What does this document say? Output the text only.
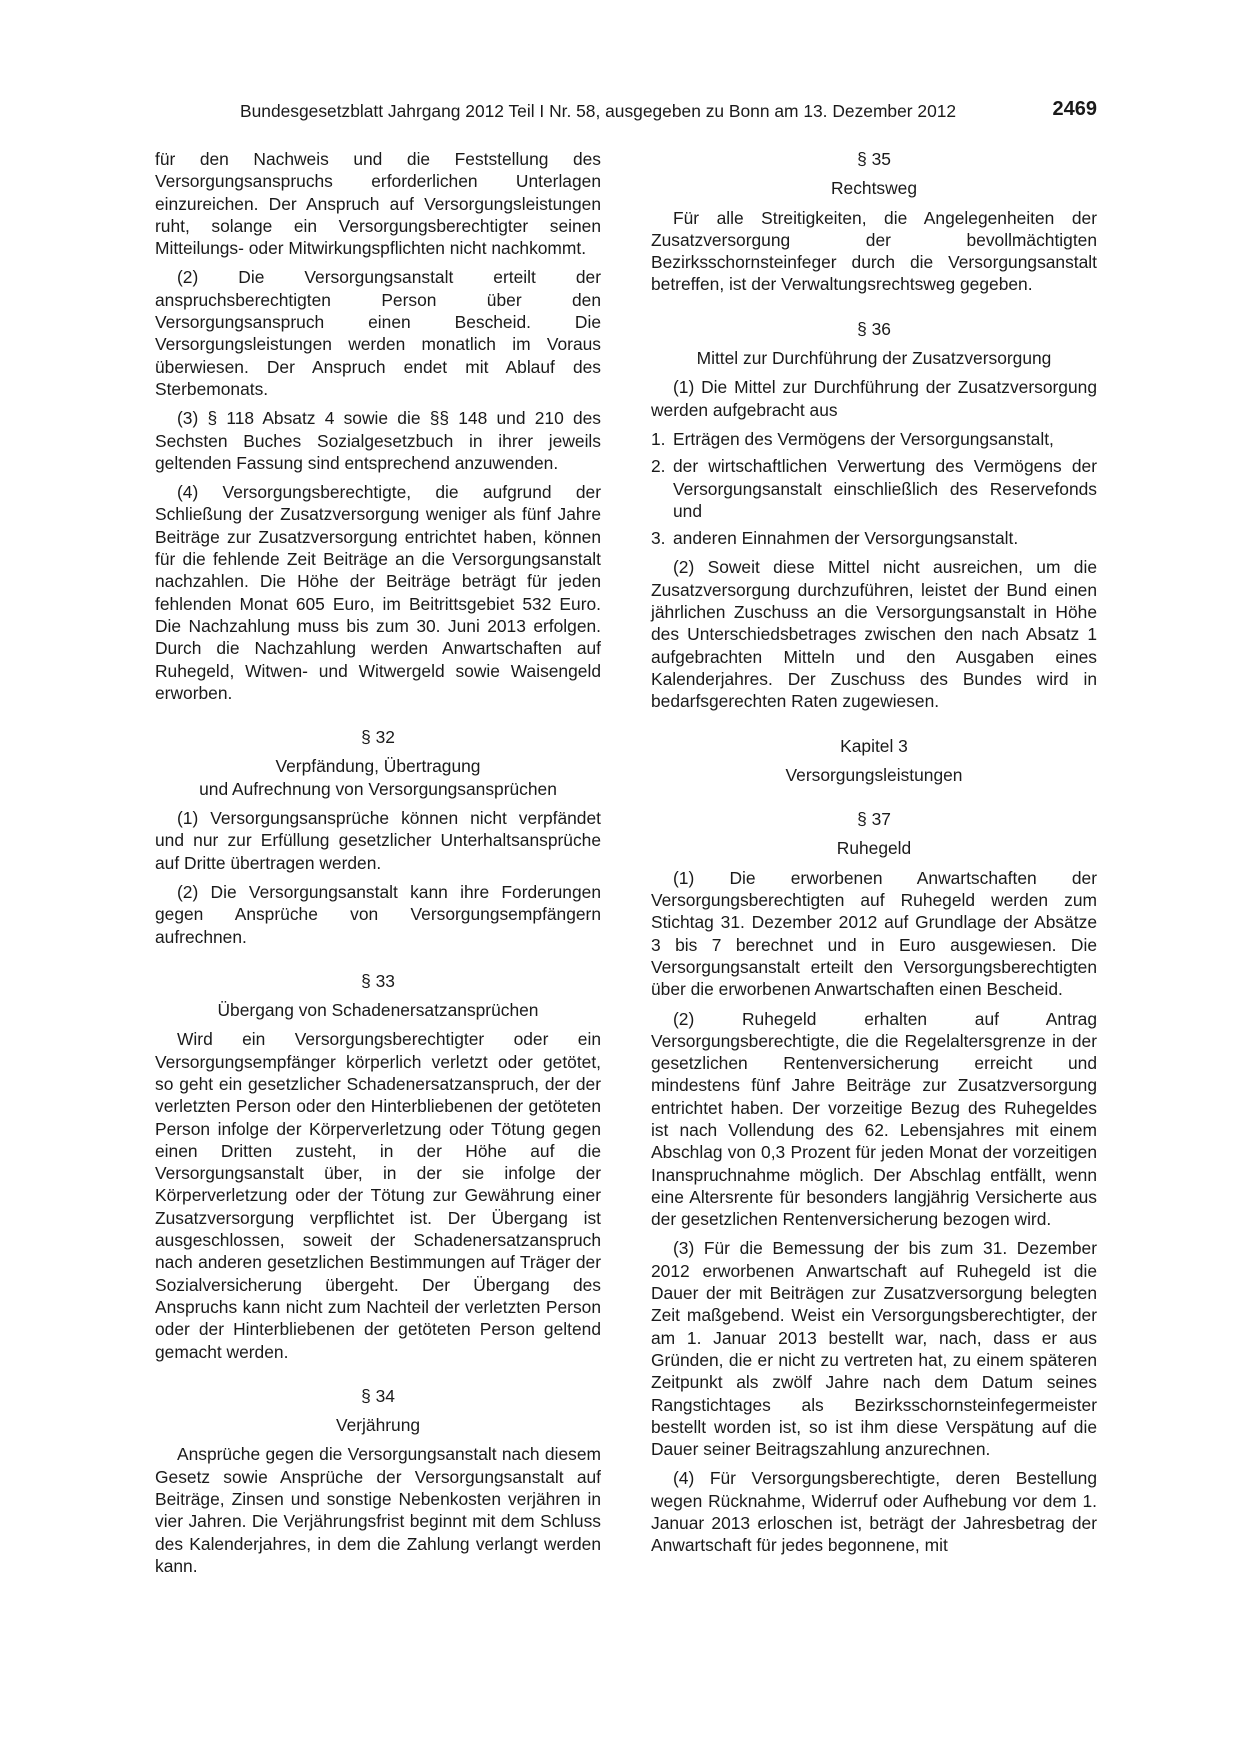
Bundesgesetzblatt Jahrgang 2012 Teil I Nr. 58, ausgegeben zu Bonn am 13. Dezember 2012	2469

für den Nachweis und die Feststellung des Versorgungsanspruchs erforderlichen Unterlagen einzureichen. Der Anspruch auf Versorgungsleistungen ruht, solange ein Versorgungsberechtigter seinen Mitteilungs- oder Mitwirkungspflichten nicht nachkommt.

(2) Die Versorgungsanstalt erteilt der anspruchsberechtigten Person über den Versorgungsanspruch einen Bescheid. Die Versorgungsleistungen werden monatlich im Voraus überwiesen. Der Anspruch endet mit Ablauf des Sterbemonats.

(3) § 118 Absatz 4 sowie die §§ 148 und 210 des Sechsten Buches Sozialgesetzbuch in ihrer jeweils geltenden Fassung sind entsprechend anzuwenden.

(4) Versorgungsberechtigte, die aufgrund der Schließung der Zusatzversorgung weniger als fünf Jahre Beiträge zur Zusatzversorgung entrichtet haben, können für die fehlende Zeit Beiträge an die Versorgungsanstalt nachzahlen. Die Höhe der Beiträge beträgt für jeden fehlenden Monat 605 Euro, im Beitrittsgebiet 532 Euro. Die Nachzahlung muss bis zum 30. Juni 2013 erfolgen. Durch die Nachzahlung werden Anwartschaften auf Ruhegeld, Witwen- und Witwergeld sowie Waisengeld erworben.

§ 32
Verpfändung, Übertragung
und Aufrechnung von Versorgungsansprüchen

(1) Versorgungsansprüche können nicht verpfändet und nur zur Erfüllung gesetzlicher Unterhaltsansprüche auf Dritte übertragen werden.

(2) Die Versorgungsanstalt kann ihre Forderungen gegen Ansprüche von Versorgungsempfängern aufrechnen.

§ 33
Übergang von Schadenersatzansprüchen

Wird ein Versorgungsberechtigter oder ein Versorgungsempfänger körperlich verletzt oder getötet, so geht ein gesetzlicher Schadenersatzanspruch, der der verletzten Person oder den Hinterbliebenen der getöteten Person infolge der Körperverletzung oder Tötung gegen einen Dritten zusteht, in der Höhe auf die Versorgungsanstalt über, in der sie infolge der Körperverletzung oder der Tötung zur Gewährung einer Zusatzversorgung verpflichtet ist. Der Übergang ist ausgeschlossen, soweit der Schadenersatzanspruch nach anderen gesetzlichen Bestimmungen auf Träger der Sozialversicherung übergeht. Der Übergang des Anspruchs kann nicht zum Nachteil der verletzten Person oder der Hinterbliebenen der getöteten Person geltend gemacht werden.

§ 34
Verjährung

Ansprüche gegen die Versorgungsanstalt nach diesem Gesetz sowie Ansprüche der Versorgungsanstalt auf Beiträge, Zinsen und sonstige Nebenkosten verjähren in vier Jahren. Die Verjährungsfrist beginnt mit dem Schluss des Kalenderjahres, in dem die Zahlung verlangt werden kann.

§ 35
Rechtsweg

Für alle Streitigkeiten, die Angelegenheiten der Zusatzversorgung der bevollmächtigten Bezirksschornsteinfeger durch die Versorgungsanstalt betreffen, ist der Verwaltungsrechtsweg gegeben.

§ 36
Mittel zur Durchführung der Zusatzversorgung

(1) Die Mittel zur Durchführung der Zusatzversorgung werden aufgebracht aus

1. Erträgen des Vermögens der Versorgungsanstalt,
2. der wirtschaftlichen Verwertung des Vermögens der Versorgungsanstalt einschließlich des Reservefonds und
3. anderen Einnahmen der Versorgungsanstalt.

(2) Soweit diese Mittel nicht ausreichen, um die Zusatzversorgung durchzuführen, leistet der Bund einen jährlichen Zuschuss an die Versorgungsanstalt in Höhe des Unterschiedsbetrages zwischen den nach Absatz 1 aufgebrachten Mitteln und den Ausgaben eines Kalenderjahres. Der Zuschuss des Bundes wird in bedarfsgerechten Raten zugewiesen.

Kapitel 3
Versorgungsleistungen
§ 37
Ruhegeld

(1) Die erworbenen Anwartschaften der Versorgungsberechtigten auf Ruhegeld werden zum Stichtag 31. Dezember 2012 auf Grundlage der Absätze 3 bis 7 berechnet und in Euro ausgewiesen. Die Versorgungsanstalt erteilt den Versorgungsberechtigten über die erworbenen Anwartschaften einen Bescheid.

(2) Ruhegeld erhalten auf Antrag Versorgungsberechtigte, die die Regelaltersgrenze in der gesetzlichen Rentenversicherung erreicht und mindestens fünf Jahre Beiträge zur Zusatzversorgung entrichtet haben. Der vorzeitige Bezug des Ruhegeldes ist nach Vollendung des 62. Lebensjahres mit einem Abschlag von 0,3 Prozent für jeden Monat der vorzeitigen Inanspruchnahme möglich. Der Abschlag entfällt, wenn eine Altersrente für besonders langjährig Versicherte aus der gesetzlichen Rentenversicherung bezogen wird.

(3) Für die Bemessung der bis zum 31. Dezember 2012 erworbenen Anwartschaft auf Ruhegeld ist die Dauer der mit Beiträgen zur Zusatzversorgung belegten Zeit maßgebend. Weist ein Versorgungsberechtigter, der am 1. Januar 2013 bestellt war, nach, dass er aus Gründen, die er nicht zu vertreten hat, zu einem späteren Zeitpunkt als zwölf Jahre nach dem Datum seines Rangstichtages als Bezirksschornsteinfegermeister bestellt worden ist, so ist ihm diese Verspätung auf die Dauer seiner Beitragszahlung anzurechnen.

(4) Für Versorgungsberechtigte, deren Bestellung wegen Rücknahme, Widerruf oder Aufhebung vor dem 1. Januar 2013 erloschen ist, beträgt der Jahresbetrag der Anwartschaft für jedes begonnene, mit
